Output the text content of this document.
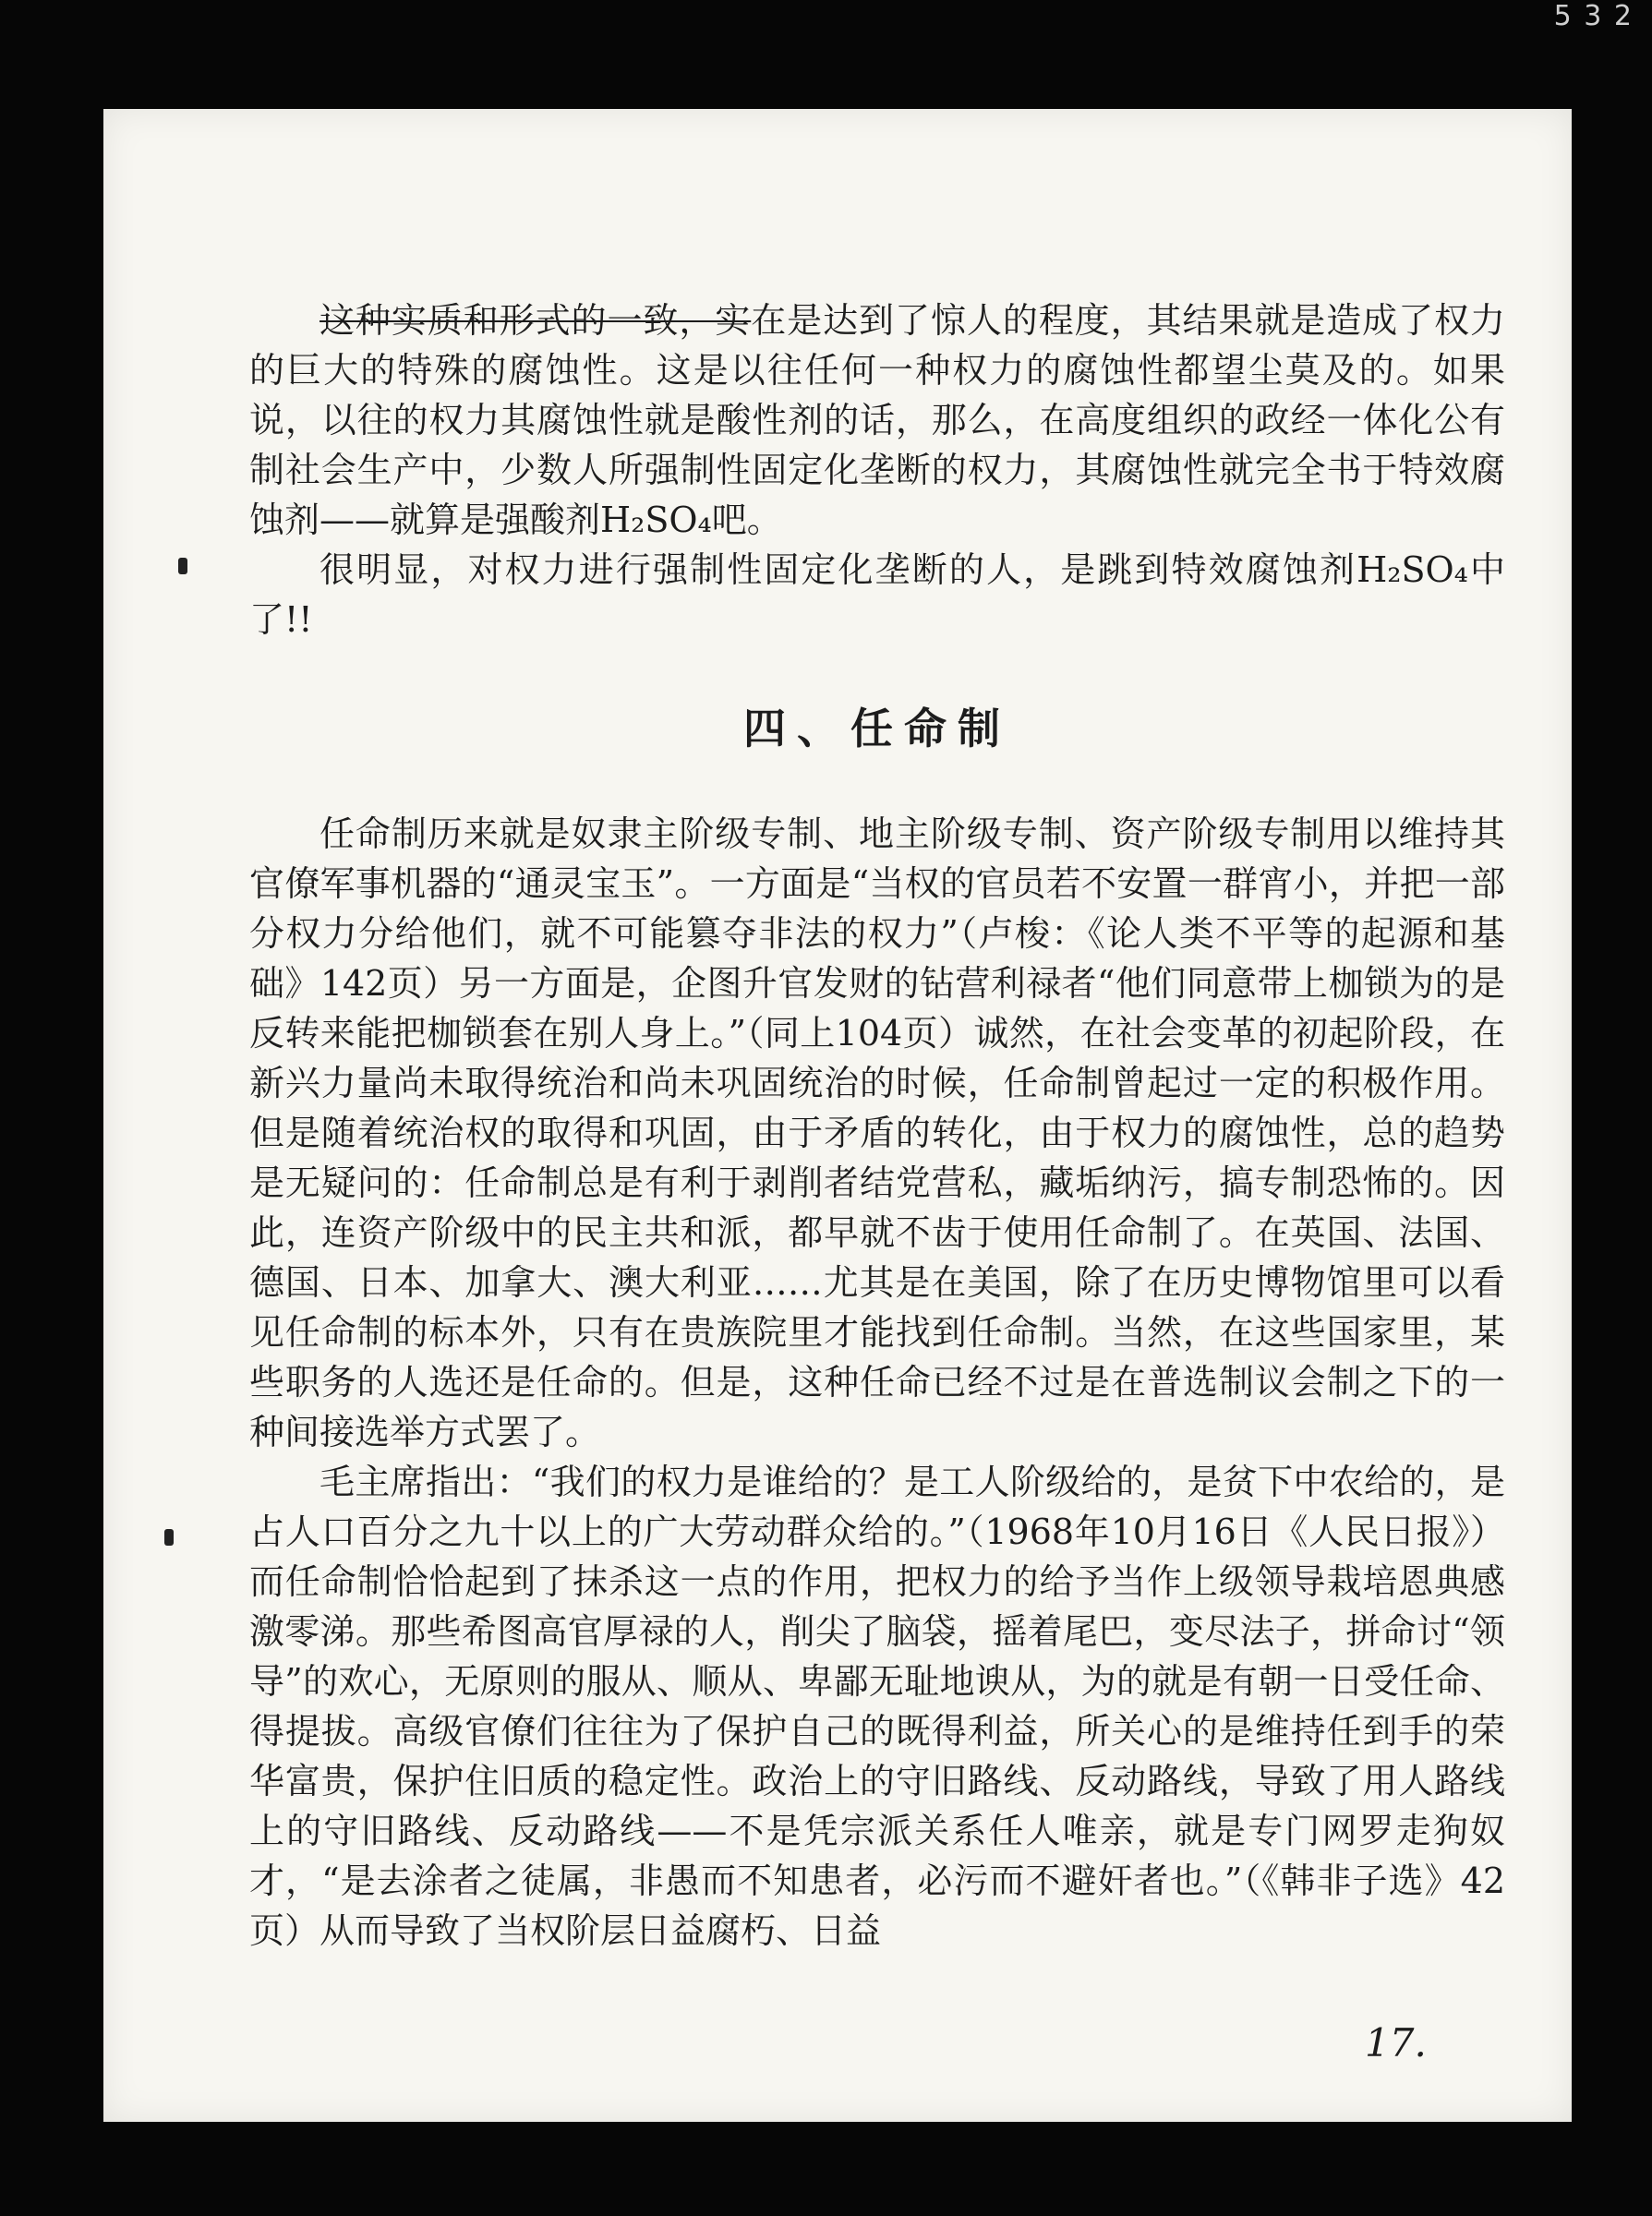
5 3 2

这种实质和形式的一致，实在是达到了惊人的程度，其结果就是造成了权力的巨大的特殊的腐蚀性。这是以往任何一种权力的腐蚀性都望尘莫及的。如果说，以往的权力其腐蚀性就是酸性剂的话，那么，在高度组织的政经一体化公有制社会生产中，少数人所强制性固定化垄断的权力，其腐蚀性就完全书于特效腐蚀剂——就算是强酸剂H₂SO₄吧。

很明显，对权力进行强制性固定化垄断的人，是跳到特效腐蚀剂H₂SO₄中了!!

四、任命制

任命制历来就是奴隶主阶级专制、地主阶级专制、资产阶级专制用以维持其官僚军事机器的“通灵宝玉”。一方面是“当权的官员若不安置一群宵小，并把一部分权力分给他们，就不可能篡夺非法的权力”（卢梭：《论人类不平等的起源和基础》142页）另一方面是，企图升官发财的钻营利禄者“他们同意带上枷锁为的是反转来能把枷锁套在别人身上。”（同上104页）诚然，在社会变革的初起阶段，在新兴力量尚未取得统治和尚未巩固统治的时候，任命制曾起过一定的积极作用。但是随着统治权的取得和巩固，由于矛盾的转化，由于权力的腐蚀性，总的趋势是无疑问的：任命制总是有利于剥削者结党营私，藏垢纳污，搞专制恐怖的。因此，连资产阶级中的民主共和派，都早就不齿于使用任命制了。在英国、法国、德国、日本、加拿大、澳大利亚……尤其是在美国，除了在历史博物馆里可以看见任命制的标本外，只有在贵族院里才能找到任命制。当然，在这些国家里，某些职务的人选还是任命的。但是，这种任命已经不过是在普选制议会制之下的一种间接选举方式罢了。

毛主席指出：“我们的权力是谁给的？是工人阶级给的，是贫下中农给的，是占人口百分之九十以上的广大劳动群众给的。”（1968年10月16日《人民日报》）而任命制恰恰起到了抹杀这一点的作用，把权力的给予当作上级领导栽培恩典感激零涕。那些希图高官厚禄的人，削尖了脑袋，摇着尾巴，变尽法子，拼命讨“领导”的欢心，无原则的服从、顺从、卑鄙无耻地谀从，为的就是有朝一日受任命、得提拔。高级官僚们往往为了保护自己的既得利益，所关心的是维持任到手的荣华富贵，保护住旧质的稳定性。政治上的守旧路线、反动路线，导致了用人路线上的守旧路线、反动路线——不是凭宗派关系任人唯亲，就是专门网罗走狗奴才，“是去涂者之徒属，非愚而不知患者，必污而不避奸者也。”（《韩非子选》42页）从而导致了当权阶层日益腐朽、日益

17.
